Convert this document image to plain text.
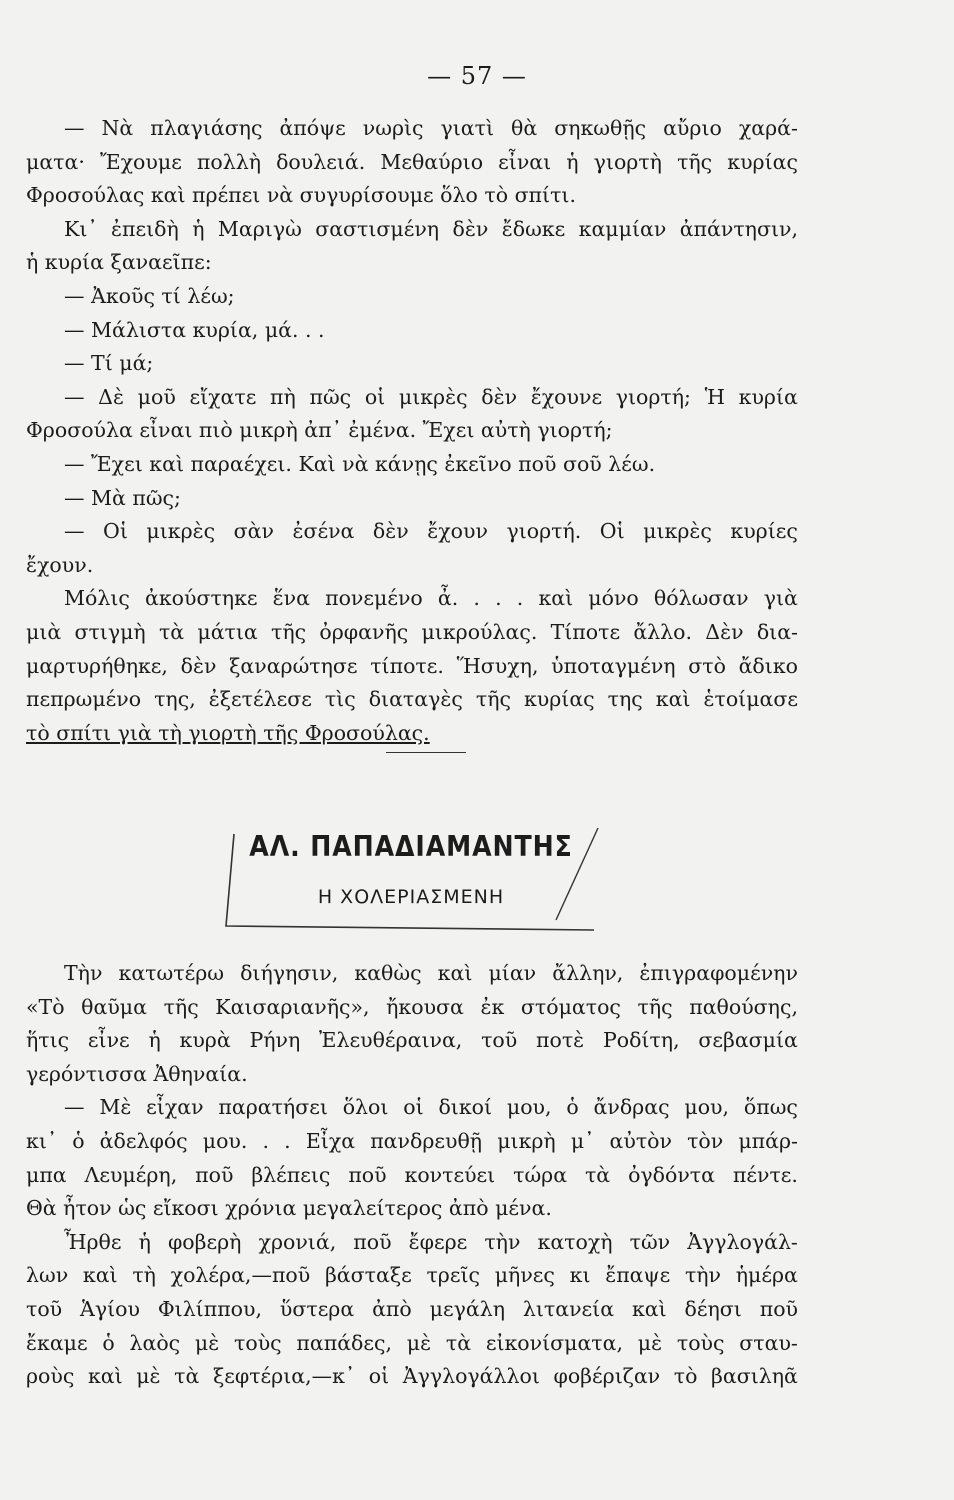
— 57 —

— Νὰ πλαγιάσης ἀπόψε νωρὶς γιατὶ θὰ σηκωθῇς αὔριο χαρά-

ματα· Ἔχουμε πολλὴ δουλειά. Μεθαύριο εἶναι ἡ γιορτὴ τῆς κυρίας

Φροσούλας καὶ πρέπει νὰ συγυρίσουμε ὅλο τὸ σπίτι.

Κι᾿ ἐπειδὴ ἡ Μαριγὼ σαστισμένη δὲν ἔδωκε καμμίαν ἀπάντησιν,

ἡ κυρία ξαναεῖπε:

— Ἀκοῦς τί λέω;

— Μάλιστα κυρία, μά. . .

— Τί μά;

— Δὲ μοῦ εἴχατε πὴ πῶς οἱ μικρὲς δὲν ἔχουνε γιορτή; Ἡ κυρία

Φροσούλα εἶναι πιὸ μικρὴ ἀπ᾿ ἐμένα. Ἔχει αὐτὴ γιορτή;

— Ἔχει καὶ παραέχει. Καὶ νὰ κάνῃς ἐκεῖνο ποῦ σοῦ λέω.

— Μὰ πῶς;

— Οἱ μικρὲς σὰν ἐσένα δὲν ἔχουν γιορτή. Οἱ μικρὲς κυρίες

ἔχουν.

Μόλις ἀκούστηκε ἕνα πονεμένο ἆ. . . . καὶ μόνο θόλωσαν γιὰ

μιὰ στιγμὴ τὰ μάτια τῆς ὀρφανῆς μικρούλας. Τίποτε ἄλλο. Δὲν δια-

μαρτυρήθηκε, δὲν ξαναρώτησε τίποτε. Ἥσυχη, ὑποταγμένη στὸ ἄδικο

πεπρωμένο της, ἐξετέλεσε τὶς διαταγὲς τῆς κυρίας της καὶ ἑτοίμασε

τὸ σπίτι γιὰ τὴ γιορτὴ τῆς Φροσούλας.

ΑΛ. ΠΑΠΑΔΙΑΜΑΝΤΗΣ
Η ΧΟΛΕΡΙΑΣΜΕΝΗ

Τὴν κατωτέρω διήγησιν, καθὼς καὶ μίαν ἄλλην, ἐπιγραφομένην

«Τὸ θαῦμα τῆς Καισαριανῆς», ἤκουσα ἐκ στόματος τῆς παθούσης,

ἥτις εἶνε ἡ κυρὰ Ρήνη Ἐλευθέραινα, τοῦ ποτὲ Ροδίτη, σεβασμία

γερόντισσα Ἀθηναία.

— Μὲ εἶχαν παρατήσει ὅλοι οἱ δικοί μου, ὁ ἄνδρας μου, ὅπως

κι᾿ ὁ ἀδελφός μου. . . Εἶχα πανδρευθῇ μικρὴ μ᾿ αὐτὸν τὸν μπάρ-

μπα Λευμέρη, ποῦ βλέπεις ποῦ κοντεύει τώρα τὰ ὀγδόντα πέντε.

Θὰ ἦτον ὡς εἴκοσι χρόνια μεγαλείτερος ἀπὸ μένα.

Ἦρθε ἡ φοβερὴ χρονιά, ποῦ ἔφερε τὴν κατοχὴ τῶν Ἀγγλογάλ-

λων καὶ τὴ χολέρα,—ποῦ βάσταξε τρεῖς μῆνες κι ἔπαψε τὴν ἡμέρα

τοῦ Ἁγίου Φιλίππου, ὕστερα ἀπὸ μεγάλη λιτανεία καὶ δέησι ποῦ

ἔκαμε ὁ λαὸς μὲ τοὺς παπάδες, μὲ τὰ εἰκονίσματα, μὲ τοὺς σταυ-

ροὺς καὶ μὲ τὰ ξεφτέρια,—κ᾿ οἱ Ἀγγλογάλλοι φοβέριζαν τὸ βασιληᾶ
